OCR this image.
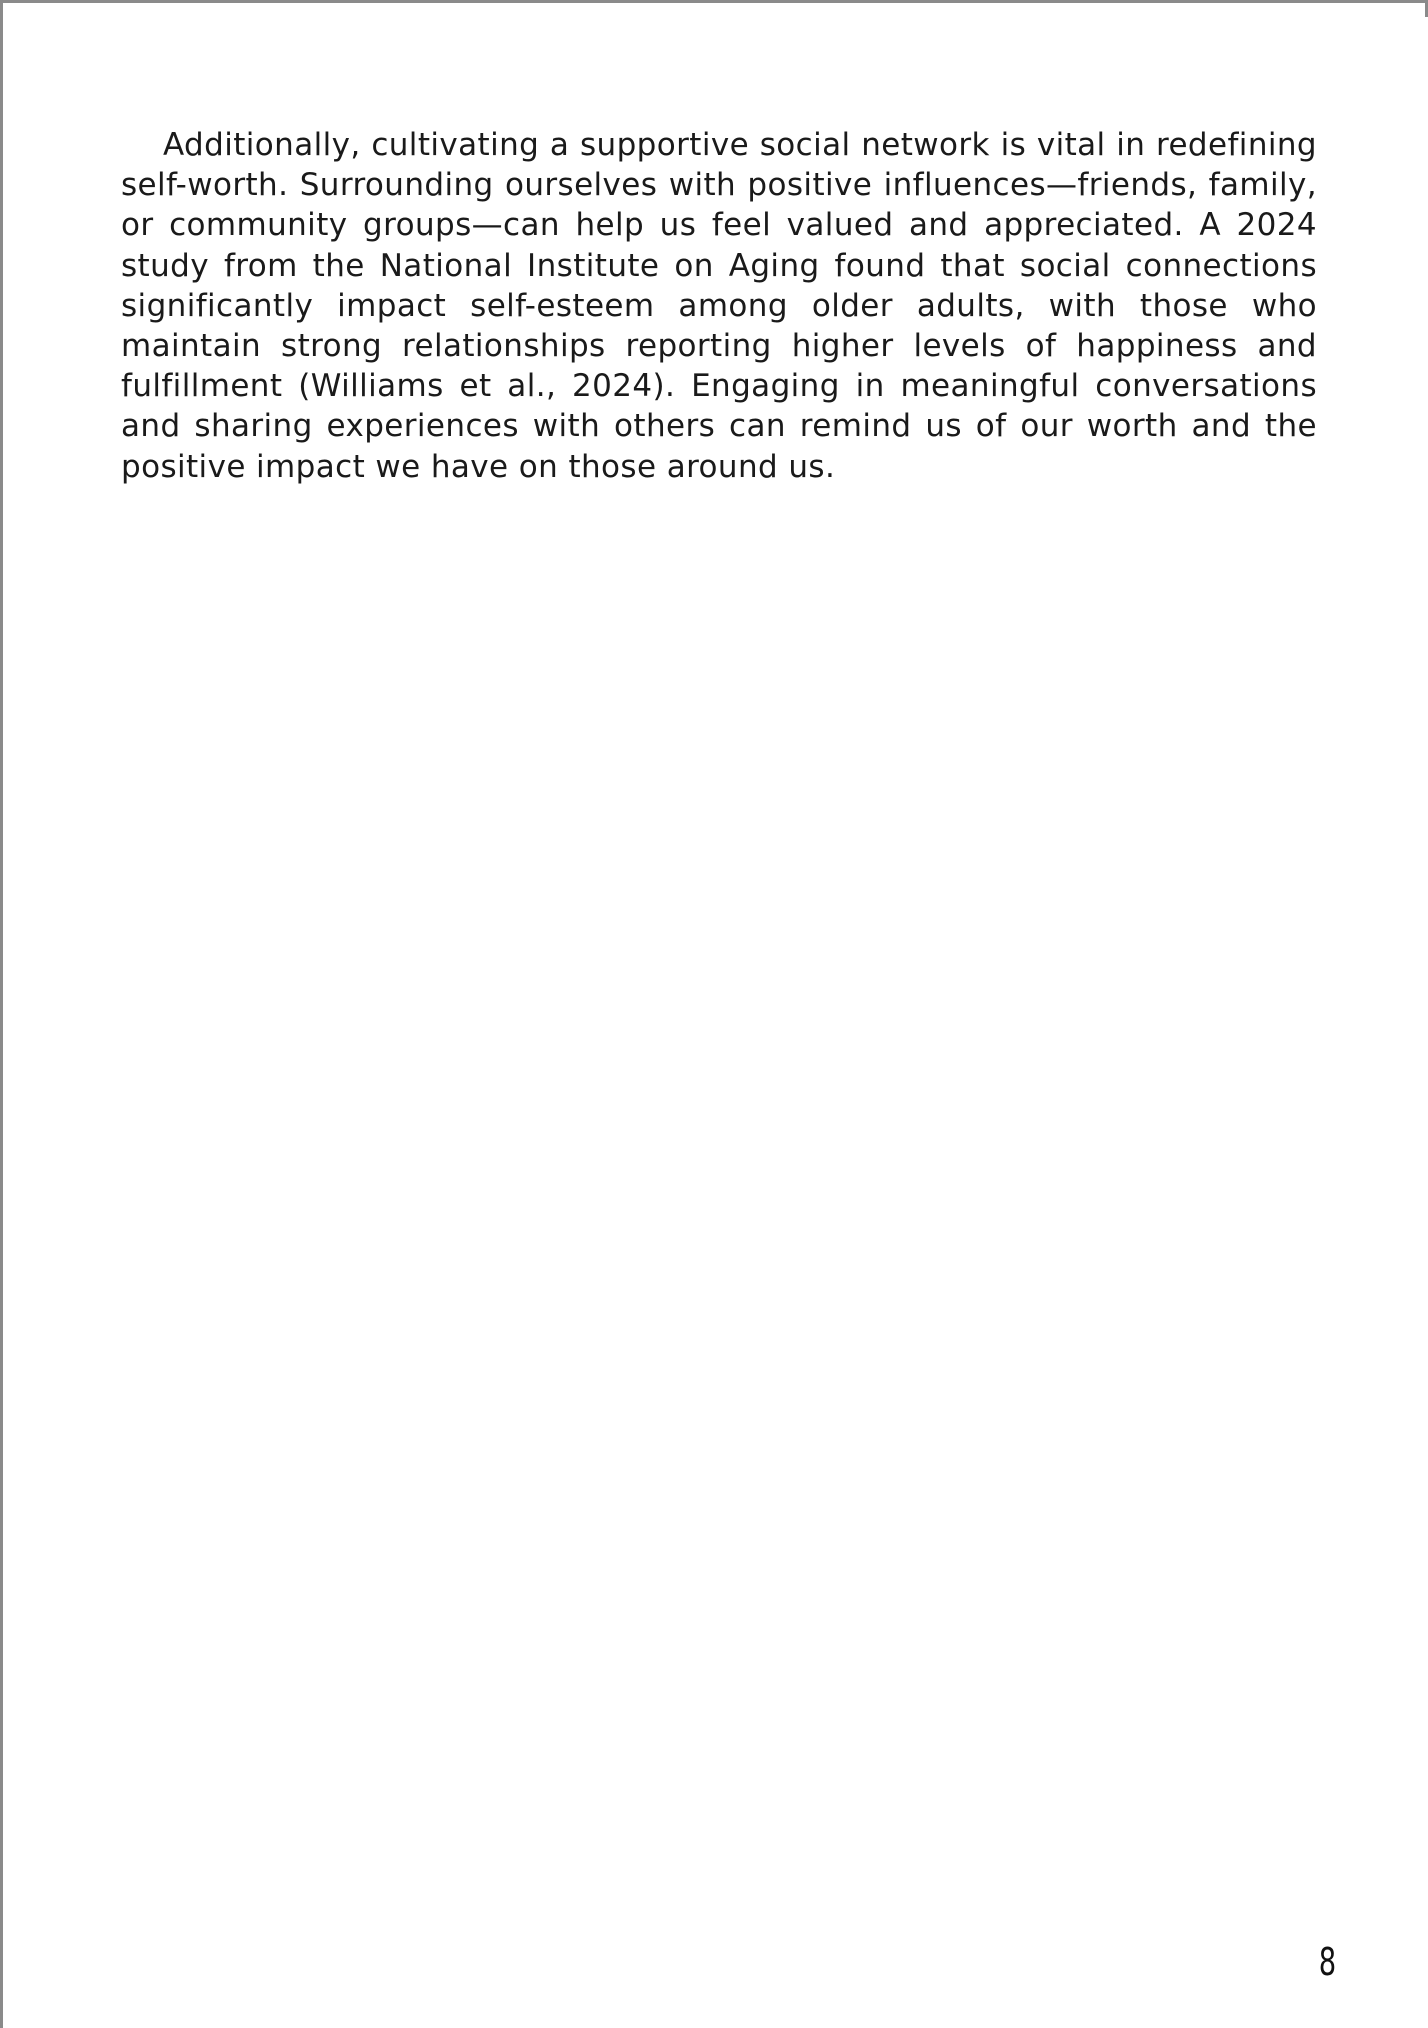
Additionally, cultivating a supportive social network is vital in redefining self-worth. Surrounding ourselves with positive influences—friends, family, or community groups—can help us feel valued and appreciated. A 2024 study from the National Institute on Aging found that social connections significantly impact self-esteem among older adults, with those who maintain strong relationships reporting higher levels of happiness and fulfillment (Williams et al., 2024). Engaging in meaningful conversations and sharing experiences with others can remind us of our worth and the positive impact we have on those around us.

8
